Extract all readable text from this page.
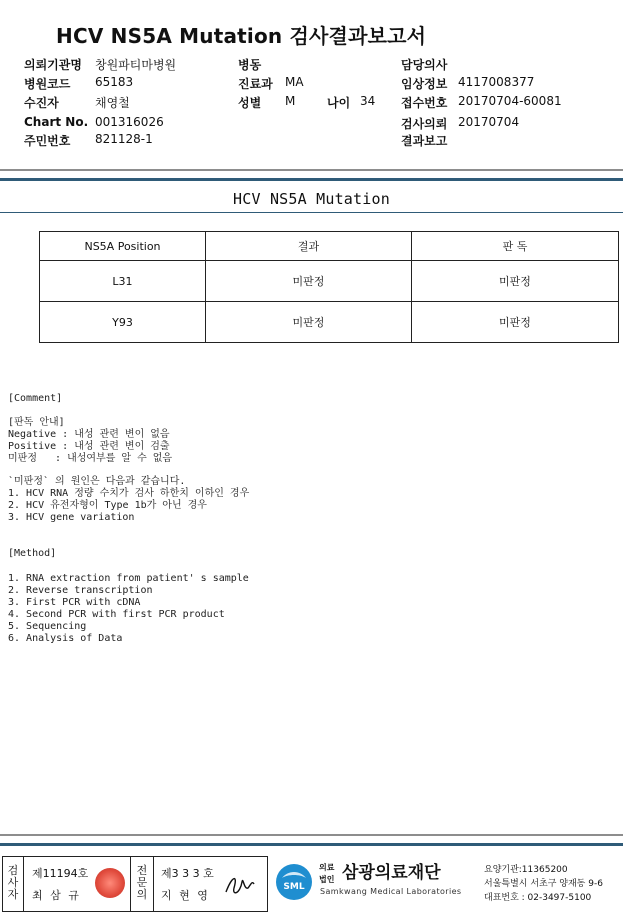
HCV NS5A Mutation 검사결과보고서
의뢰기관명 창원파티마병원
병원코드 65183
수진자	채영철
Chart No. 001316026
주민번호 821128-1
병동
진료과 MA
성별 M	나이 34
담당의사
임상정보 4117008377
접수번호 20170704-60081
검사의뢰 20170704
결과보고
HCV NS5A Mutation
NS5A Position	결과	판 독
L31	미판정	미판정
Y93	미판정	미판정
[Comment]
[판독 안내]
Negative : 내성 관련 변이 없음
Positive : 내성 관련 변이 검출
미판정   : 내성여부를 알 수 없음
`미판정` 의 원인은 다음과 같습니다.
1. HCV RNA 정량 수치가 검사 하한치 이하인 경우
2. HCV 유전자형이 Type 1b가 아닌 경우
3. HCV gene variation
[Method]
1. RNA extraction from patient' s sample
2. Reverse transcription
3. First PCR with cDNA
4. Second PCR with first PCR product
5. Sequencing
6. Analysis of Data
검
사
자
제11194호
최 삼 규
전
문
의
제3 3 3 호
지 현 영
SML
의료
법인 삼광의료재단
Samkwang Medical Laboratories
요양기관:11365200
서울특별시 서초구 양재동 9-6
대표번호 : 02-3497-5100
